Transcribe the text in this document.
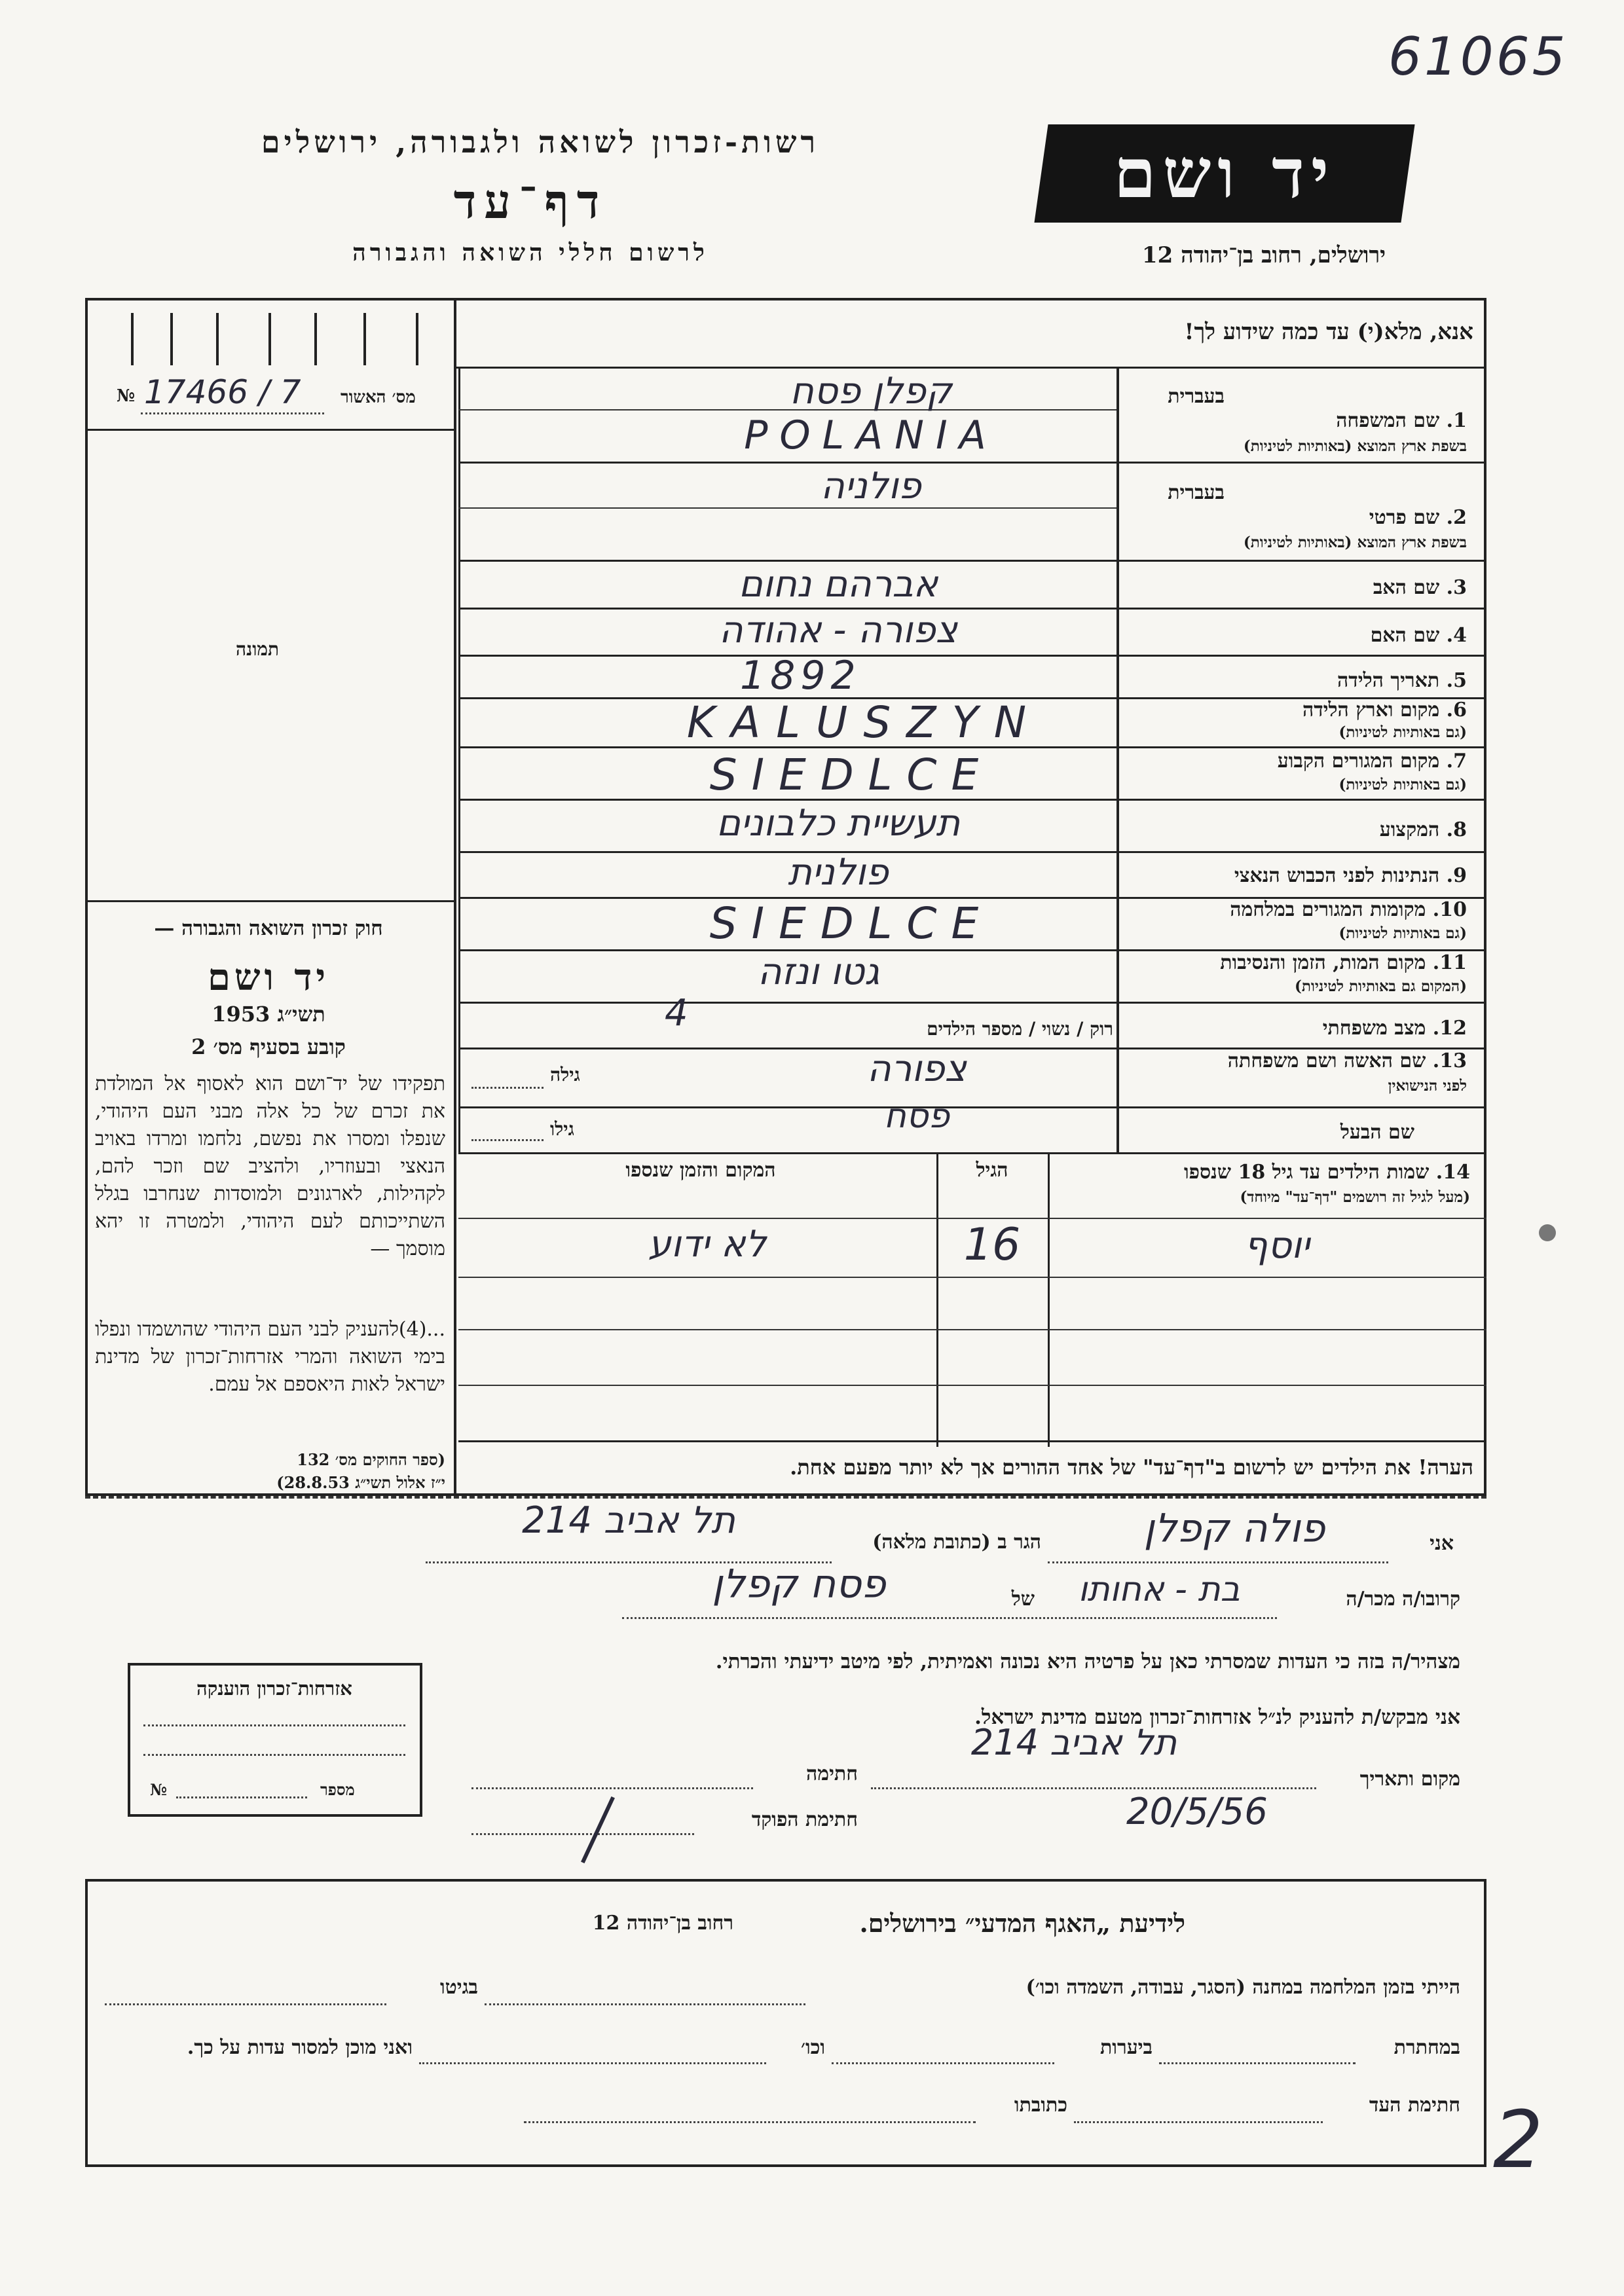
61065
רשות-זכרון לשואה ולגבורה, ירושלים
דף־עד
לרשום חללי השואה והגבורה
יד ושם
ירושלים, רחוב בן־יהודה 12
אנא, מלא(י) עד כמה שידוע לך!
№ 17466 / 7 מס׳ האשור
תמונה
חוק זכרון השואה והגבורה —
יד ושם
תשי״ג 1953
קובע בסעיף מס׳ 2
תפקידו של יד־ושם הוא לאסוף אל המולדת את זכרם של כל אלה מבני העם היהודי, שנפלו ומסרו את נפשם, נלחמו ומרדו באויב הנאצי ובעוזריו, ולהציב שם וזכר להם, לקהילות, לארגונים ולמוסדות שנחרבו בגלל השתייכותם לעם היהודי, ולמטרה זו יהא מוסמך —
...(4)להעניק לבני העם היהודי שהושמדו ונפלו בימי השואה והמרי אזרחות־זכרון של מדינת ישראל לאות היאספם אל עמם.
(ספר החוקים מס׳ 132
י״ז אלול תשי״ג 28.8.53)
בעברית
1. שם המשפחה
בשפת ארץ המוצא (באותיות לטיניות)
בעברית
2. שם פרטי
בשפת ארץ המוצא (באותיות לטיניות)
3. שם האב
4. שם האם
5. תאריך הלידה
6. מקום וארץ הלידה
(גם באותיות לטיניות)
7. מקום המגורים הקבוע
(גם באותיות לטיניות)
8. המקצוע
9. הנתינות לפני הכבוש הנאצי
10. מקומות המגורים במלחמה
(גם באותיות לטיניות)
11. מקום המות, הזמן והנסיבות
(המקום גם באותיות לטיניות)
12. מצב משפחתי
13. שם האשה ושם משפחתה
לפני הנישואין
שם הבעל
קפלן פסח
POLANIA
פולניה
אברהם נחום
צפורה - אהודה
1892
KALUSZYN
SIEDLCE
תעשיית כלבונים
פולנית
SIEDLCE
גטו ונזה
רוק / נשוי / מספר הילדים
4
צפורה
גילה
פסח
גילו
14. שמות הילדים עד גיל 18 שנספו
(מעל לגיל זה רושמים "דף־עד" מיוחד)
הגיל
המקום והזמן שנספו
יוסף
16
לא ידוע
הערה! את הילדים יש לרשום ב"דף־עד" של אחד ההורים אך לא יותר מפעם אחת.
אני
פולה קפלן
הגר ב (כתובת מלאה)
תל אביב 214
קרובו/ה מכר/ה
בת - אחותו
של
פסח קפלן
מצהיר/ה בזה כי העדות שמסרתי כאן על פרטיה היא נכונה ואמיתית, לפי מיטב ידיעתי והכרתי.
אני מבקש/ת להעניק לנ״ל אזרחות־זכרון מטעם מדינת ישראל.
מקום ותאריך
תל אביב 214
חתימה
20/5/56
חתימת הפוקד
אזרחות־זכרון הוענקה
№	מספר
לידיעת „האגף המדעי״ בירושלים.
רחוב בן־יהודה 12
הייתי בזמן המלחמה במחנה (הסגר, עבודה, השמדה וכו׳)
בגיטו
במחתרת
ביערות
וכו׳
ואני מוכן למסור עדות על כך.
חתימת העד
כתובתו	2
